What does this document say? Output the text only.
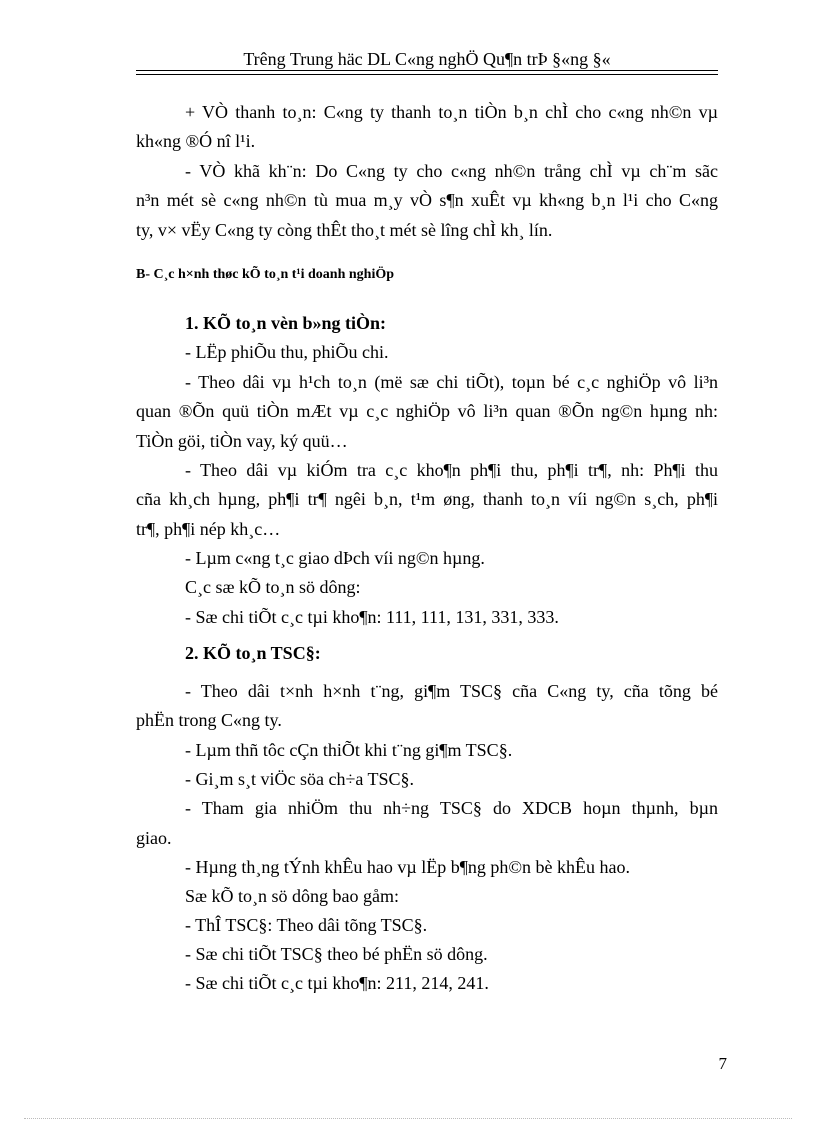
Trêng Trung häc DL C«ng nghÖ Qu¶n trÞ §«ng §«
+ VÒ thanh to¸n: C«ng ty thanh to¸n tiÒn b¸n chÌ cho c«ng nh©n vµ
kh«ng ®Ó nî l¹i.
- VÒ khã kh¨n: Do C«ng ty cho c«ng nh©n trång chÌ vµ ch¨m sãc
n³n mét sè c«ng nh©n tù mua m¸y vÒ s¶n xuÊt vµ kh«ng b¸n l¹i cho C«ng
ty, v× vËy C«ng ty còng thÊt tho¸t mét sè lîng chÌ kh¸ lín.
B- C¸c h×nh thøc kÕ to¸n t¹i doanh nghiÖp
1. KÕ to¸n vèn b»ng tiÒn:
- LËp phiÕu thu, phiÕu chi.
- Theo dâi vµ h¹ch to¸n (më sæ chi tiÕt), toµn bé c¸c nghiÖp vô li³n
quan ®Õn quü tiÒn mÆt vµ c¸c nghiÖp vô li³n quan ®Õn ng©n hµng nh:
TiÒn göi, tiÒn vay, ký quü…
- Theo dâi vµ kiÓm tra c¸c kho¶n ph¶i thu, ph¶i tr¶, nh: Ph¶i thu
cña kh¸ch hµng, ph¶i tr¶ ngêi b¸n, t¹m øng, thanh to¸n víi ng©n s¸ch, ph¶i
tr¶, ph¶i nép kh¸c…
- Lµm c«ng t¸c giao dÞch víi ng©n hµng.
C¸c sæ kÕ to¸n sö dông:
- Sæ chi tiÕt c¸c tµi kho¶n: 111, 111, 131, 331, 333.
2. KÕ to¸n TSC§:
- Theo dâi t×nh h×nh t¨ng, gi¶m TSC§ cña C«ng ty, cña tõng bé
phËn trong C«ng ty.
- Lµm thñ tôc cÇn thiÕt khi t¨ng gi¶m TSC§.
- Gi¸m s¸t viÖc söa ch÷a TSC§.
- Tham gia nhiÖm thu nh÷ng TSC§ do XDCB hoµn thµnh, bµn
giao.
- Hµng th¸ng tÝnh khÊu hao vµ lËp b¶ng ph©n bè khÊu hao.
Sæ kÕ to¸n sö dông bao gåm:
- ThÎ TSC§: Theo dâi tõng TSC§.
- Sæ chi tiÕt TSC§ theo bé phËn sö dông.
- Sæ chi tiÕt c¸c tµi kho¶n: 211, 214, 241.
7
